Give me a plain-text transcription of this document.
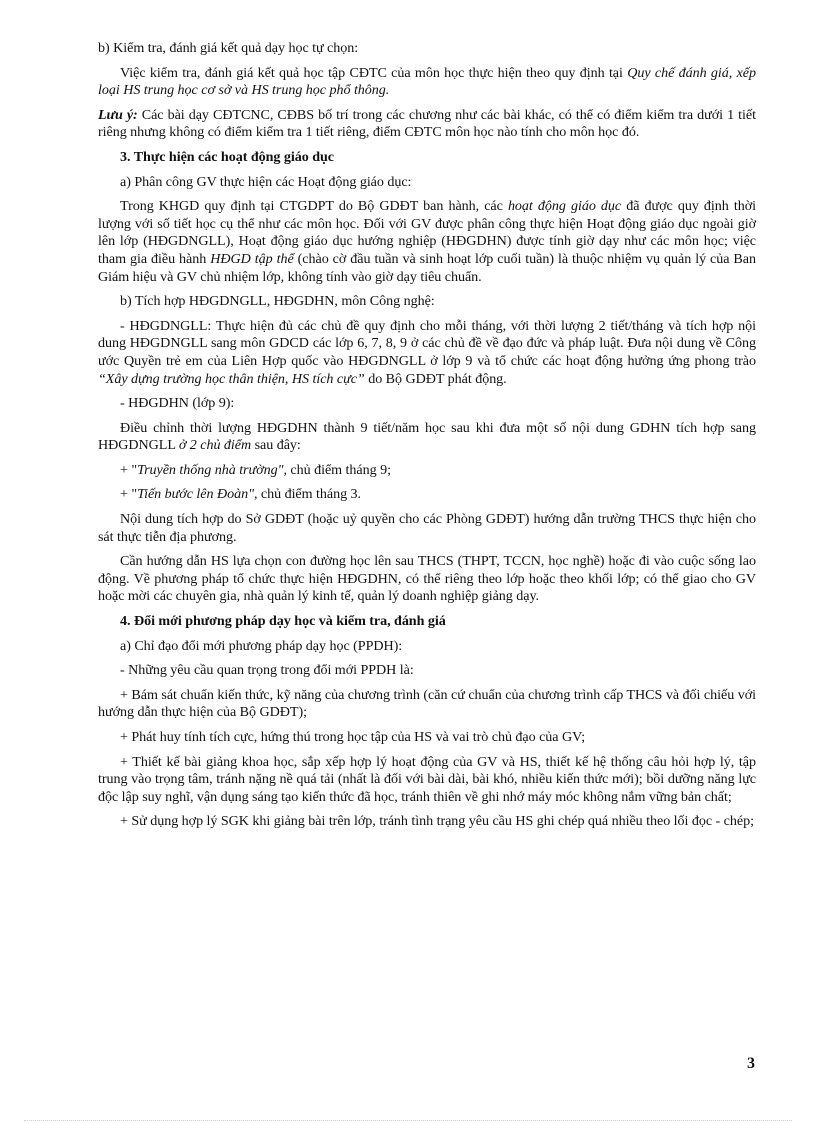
b) Kiểm tra, đánh giá kết quả dạy học tự chọn:

Việc kiểm tra, đánh giá kết quả học tập CĐTC của môn học thực hiện theo quy định tại Quy chế đánh giá, xếp loại HS trung học cơ sở và HS trung học phổ thông.

Lưu ý: Các bài dạy CĐTCNC, CĐBS bố trí trong các chương như các bài khác, có thể có điểm kiểm tra dưới 1 tiết riêng nhưng không có điểm kiểm tra 1 tiết riêng, điểm CĐTC môn học nào tính cho môn học đó.

3. Thực hiện các hoạt động giáo dục

a) Phân công GV thực hiện các Hoạt động giáo dục:

Trong KHGD quy định tại CTGDPT do Bộ GDĐT ban hành, các hoạt động giáo dục đã được quy định thời lượng với số tiết học cụ thể như các môn học. Đối với GV được phân công thực hiện Hoạt động giáo dục ngoài giờ lên lớp (HĐGDNGLL), Hoạt động giáo dục hướng nghiệp (HĐGDHN) được tính giờ dạy như các môn học; việc tham gia điều hành HĐGD tập thể (chào cờ đầu tuần và sinh hoạt lớp cuối tuần) là thuộc nhiệm vụ quản lý của Ban Giám hiệu và GV chủ nhiệm lớp, không tính vào giờ dạy tiêu chuẩn.

b) Tích hợp HĐGDNGLL, HĐGDHN, môn Công nghệ:

- HĐGDNGLL: Thực hiện đủ các chủ đề quy định cho mỗi tháng, với thời lượng 2 tiết/tháng và tích hợp nội dung HĐGDNGLL sang môn GDCD các lớp 6, 7, 8, 9 ở các chủ đề về đạo đức và pháp luật. Đưa nội dung về Công ước Quyền trẻ em của Liên Hợp quốc vào HĐGDNGLL ở lớp 9 và tổ chức các hoạt động hưởng ứng phong trào “Xây dựng trường học thân thiện, HS tích cực” do Bộ GDĐT phát động.

- HĐGDHN (lớp 9):

Điều chỉnh thời lượng HĐGDHN thành 9 tiết/năm học sau khi đưa một số nội dung GDHN tích hợp sang HĐGDNGLL ở 2 chủ điểm sau đây:

+ "Truyền thống nhà trường", chủ điểm tháng 9;

+ "Tiến bước lên Đoàn", chủ điểm tháng 3.

Nội dung tích hợp do Sở GDĐT (hoặc uỷ quyền cho các Phòng GDĐT) hướng dẫn trường THCS thực hiện cho sát thực tiễn địa phương.

Cần hướng dẫn HS lựa chọn con đường học lên sau THCS (THPT, TCCN, học nghề) hoặc đi vào cuộc sống lao động. Về phương pháp tổ chức thực hiện HĐGDHN, có thể riêng theo lớp hoặc theo khối lớp; có thể giao cho GV hoặc mời các chuyên gia, nhà quản lý kinh tế, quản lý doanh nghiệp giảng dạy.

4. Đổi mới phương pháp dạy học và kiểm tra, đánh giá

a) Chỉ đạo đổi mới phương pháp dạy học (PPDH):

- Những yêu cầu quan trọng trong đổi mới PPDH là:

+ Bám sát chuẩn kiến thức, kỹ năng của chương trình (căn cứ chuẩn của chương trình cấp THCS và đối chiếu với hướng dẫn thực hiện của Bộ GDĐT);

+ Phát huy tính tích cực, hứng thú trong học tập của HS và vai trò chủ đạo của GV;

+ Thiết kế bài giảng khoa học, sắp xếp hợp lý hoạt động của GV và HS, thiết kế hệ thống câu hỏi hợp lý, tập trung vào trọng tâm, tránh nặng nề quá tải (nhất là đối với bài dài, bài khó, nhiều kiến thức mới); bồi dưỡng năng lực độc lập suy nghĩ, vận dụng sáng tạo kiến thức đã học, tránh thiên về ghi nhớ máy móc không nắm vững bản chất;

+ Sử dụng hợp lý SGK khi giảng bài trên lớp, tránh tình trạng yêu cầu HS ghi chép quá nhiều theo lối đọc - chép;

3
